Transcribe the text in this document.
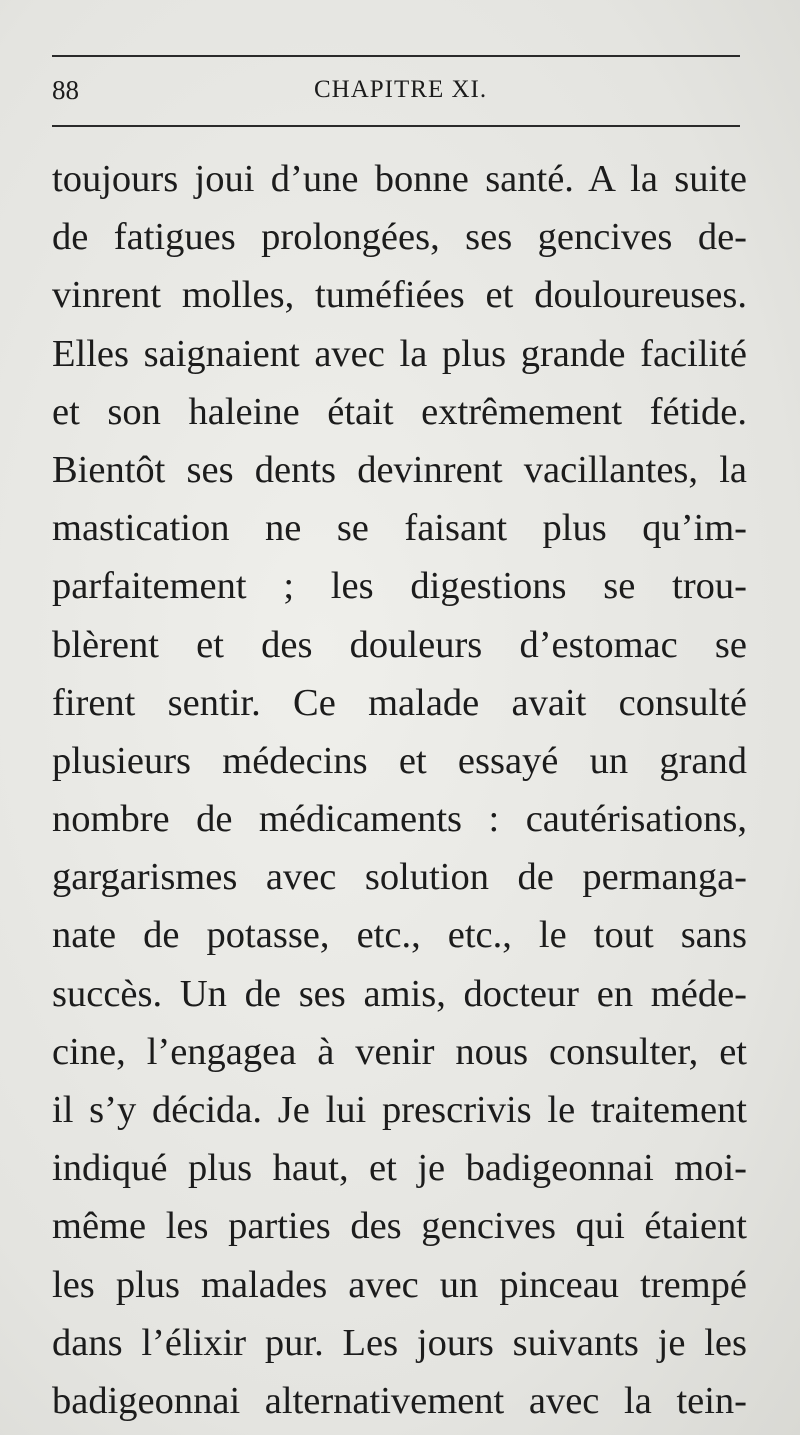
88	CHAPITRE XI.
toujours joui d’une bonne santé. A la suite
de fatigues prolongées, ses gencives de-
vinrent molles, tuméfiées et douloureuses.
Elles saignaient avec la plus grande facilité
et son haleine était extrêmement fétide.
Bientôt ses dents devinrent vacillantes, la
mastication ne se faisant plus qu’im-
parfaitement ; les digestions se trou-
blèrent et des douleurs d’estomac se
firent sentir. Ce malade avait consulté
plusieurs médecins et essayé un grand
nombre de médicaments : cautérisations,
gargarismes avec solution de permanga-
nate de potasse, etc., etc., le tout sans
succès. Un de ses amis, docteur en méde-
cine, l’engagea à venir nous consulter, et
il s’y décida. Je lui prescrivis le traitement
indiqué plus haut, et je badigeonnai moi-
même les parties des gencives qui étaient
les plus malades avec un pinceau trempé
dans l’élixir pur. Les jours suivants je les
badigeonnai alternativement avec la tein-
